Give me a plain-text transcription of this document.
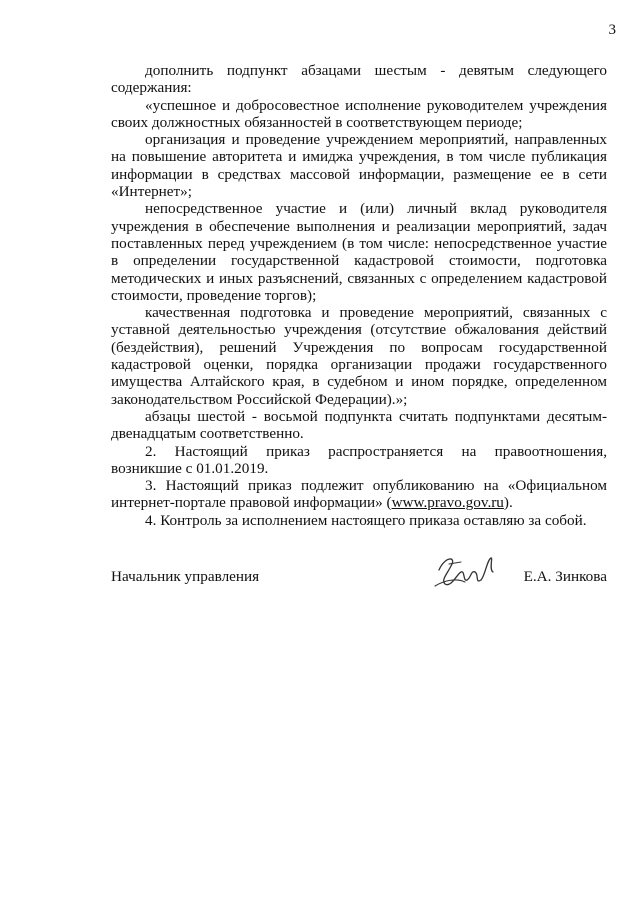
3

дополнить подпункт абзацами шестым - девятым следующего содержания:

«успешное и добросовестное исполнение руководителем учреждения своих должностных обязанностей в соответствующем периоде;

организация и проведение учреждением мероприятий, направленных на повышение авторитета и имиджа учреждения, в том числе публикация информации в средствах массовой информации, размещение ее в сети «Интернет»;

непосредственное участие и (или) личный вклад руководителя учреждения в обеспечение выполнения и реализации мероприятий, задач поставленных перед учреждением (в том числе: непосредственное участие в определении государственной кадастровой стоимости, подготовка методических и иных разъяснений, связанных с определением кадастровой стоимости, проведение торгов);

качественная подготовка и проведение мероприятий, связанных с уставной деятельностью учреждения (отсутствие обжалования действий (бездействия), решений Учреждения по вопросам государственной кадастровой оценки, порядка организации продажи государственного имущества Алтайского края, в судебном и ином порядке, определенном законодательством Российской Федерации).»;

абзацы шестой - восьмой подпункта считать подпунктами десятым-двенадцатым соответственно.

2. Настоящий приказ распространяется на правоотношения, возникшие с 01.01.2019.

3. Настоящий приказ подлежит опубликованию на «Официальном интернет-портале правовой информации» (www.pravo.gov.ru).

4. Контроль за исполнением настоящего приказа оставляю за собой.

Начальник управления	Е.А. Зинкова
